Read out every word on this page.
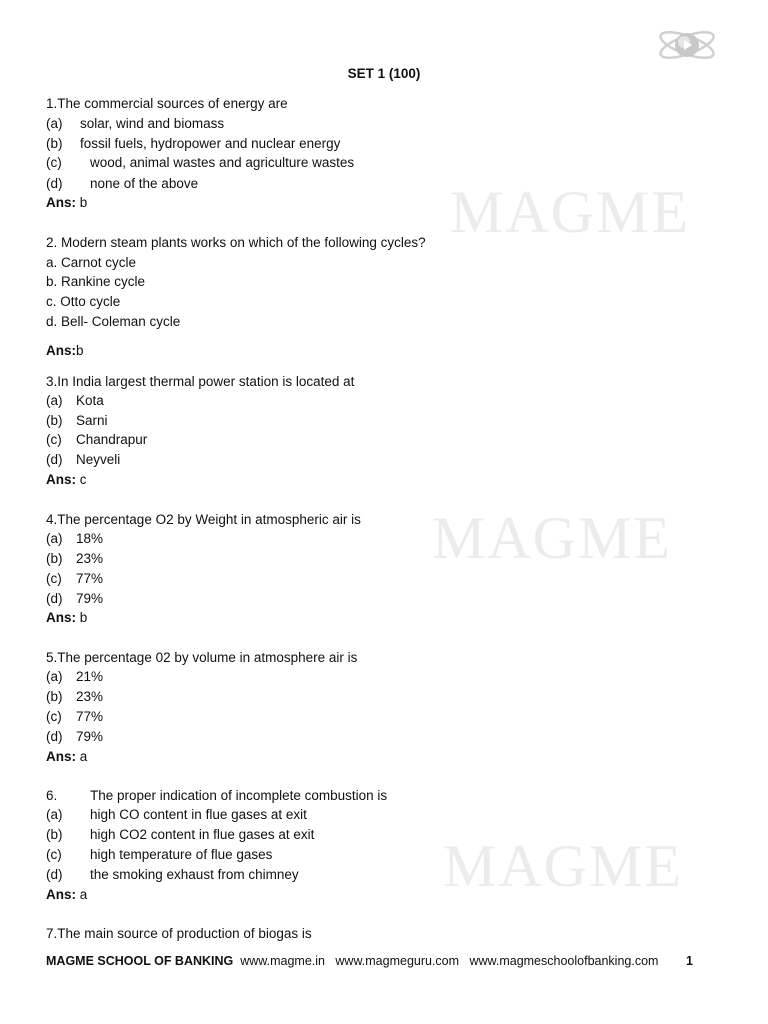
MAGME
MAGME
MAGME
SET 1 (100)
1.The commercial sources of energy are
(a) solar, wind and biomass
(b) fossil fuels, hydropower and nuclear energy
(c) wood, animal wastes and agriculture wastes
(d) none of the above
Ans: b
2. Modern steam plants works on which of the following cycles?
a. Carnot cycle
b. Rankine cycle
c. Otto cycle
d. Bell- Coleman cycle
Ans:b
3.In India largest thermal power station is located at
(a) Kota
(b) Sarni
(c) Chandrapur
(d) Neyveli
Ans: c
4.The percentage O2 by Weight in atmospheric air is
(a) 18%
(b) 23%
(c) 77%
(d) 79%
Ans: b
5.The percentage 02 by volume in atmosphere air is
(a) 21%
(b) 23%
(c) 77%
(d) 79%
Ans: a
6. The proper indication of incomplete combustion is
(a) high CO content in flue gases at exit
(b) high CO2 content in flue gases at exit
(c) high temperature of flue gases
(d) the smoking exhaust from chimney
Ans: a
7.The main source of production of biogas is
MAGME SCHOOL OF BANKING  www.magme.in   www.magmeguru.com   www.magmeschoolofbanking.com	1
